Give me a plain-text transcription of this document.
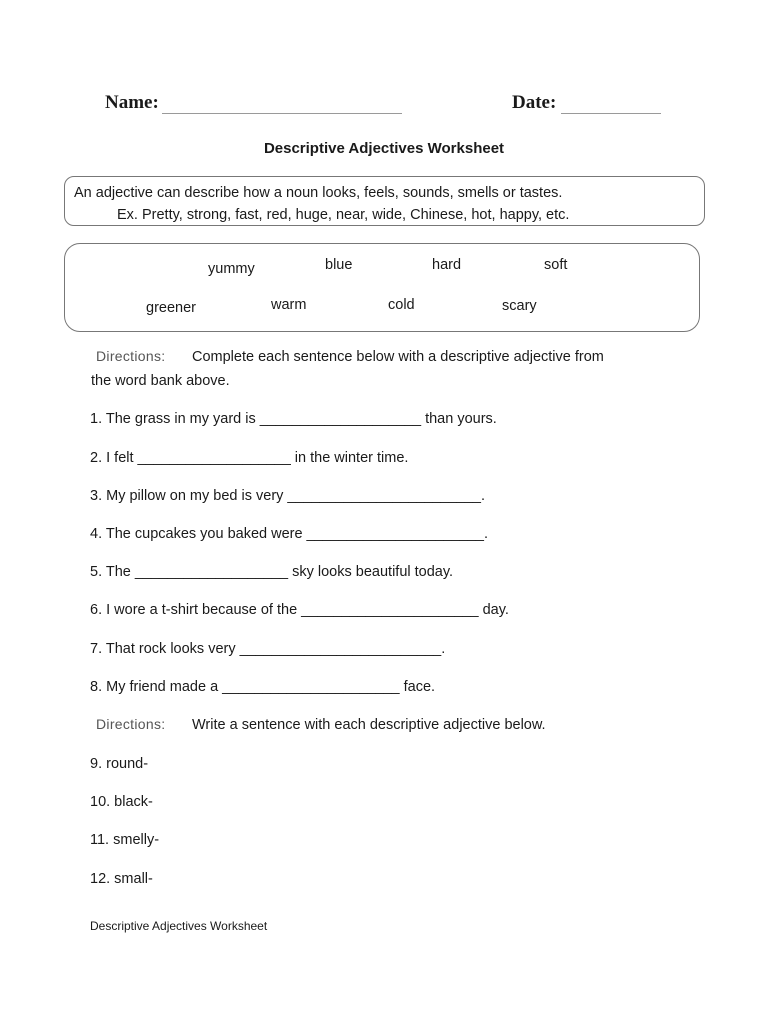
Name:	Date:
Descriptive Adjectives Worksheet
An adjective can describe how a noun looks, feels, sounds, smells or tastes.
Ex. Pretty, strong, fast, red, huge, near, wide, Chinese, hot, happy, etc.
yummy	blue	hard	soft
greener	warm	cold	scary
Directions: Complete each sentence below with a descriptive adjective from
the word bank above.
1. The grass in my yard is ____________________ than yours.
2. I felt ___________________ in the winter time.
3. My pillow on my bed is very ________________________.
4. The cupcakes you baked were ______________________.
5. The ___________________ sky looks beautiful today.
6. I wore a t-shirt because of the ______________________ day.
7. That rock looks very _________________________.
8. My friend made a ______________________ face.
Directions: Write a sentence with each descriptive adjective below.
9. round-
10. black-
11. smelly-
12. small-
Descriptive Adjectives Worksheet
